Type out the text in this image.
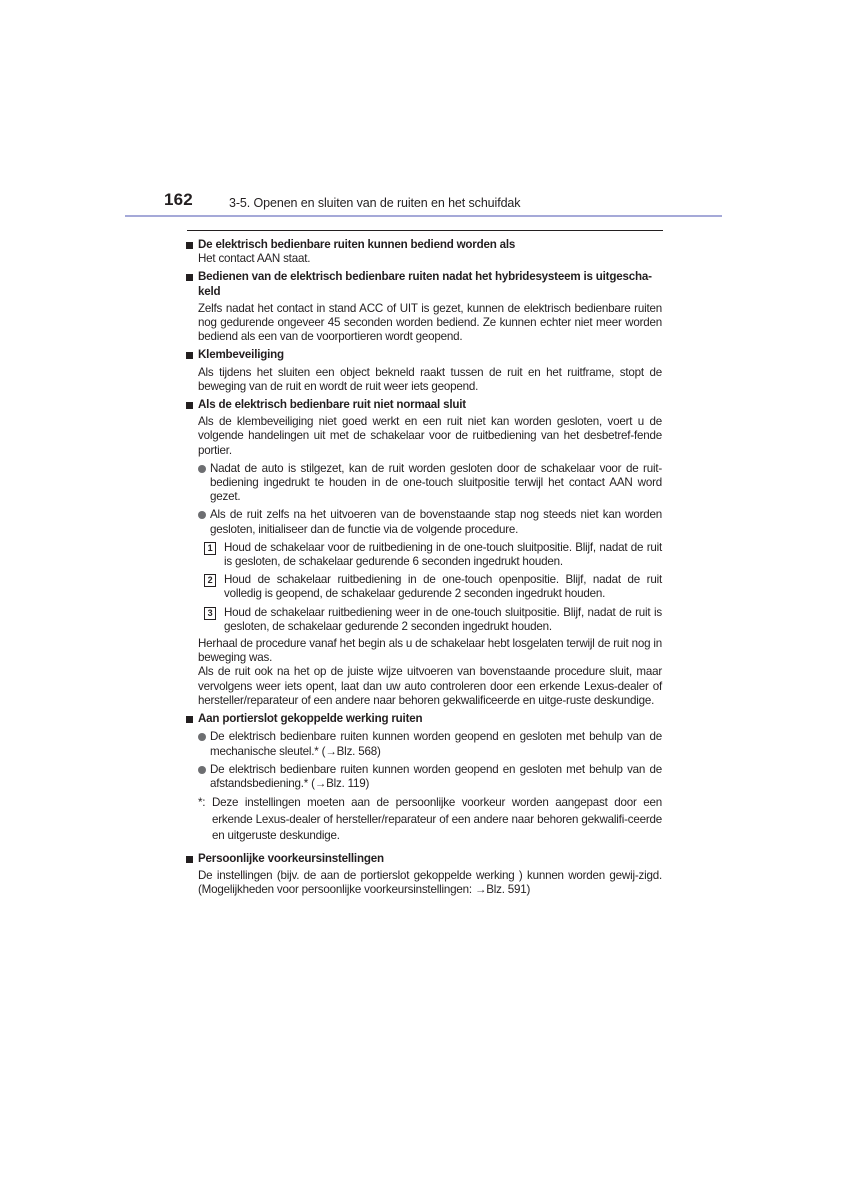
162	3-5. Openen en sluiten van de ruiten en het schuifdak
De elektrisch bedienbare ruiten kunnen bediend worden als
Het contact AAN staat.
Bedienen van de elektrisch bedienbare ruiten nadat het hybridesysteem is uitgescha-keld
Zelfs nadat het contact in stand ACC of UIT is gezet, kunnen de elektrisch bedienbare ruiten nog gedurende ongeveer 45 seconden worden bediend. Ze kunnen echter niet meer worden bediend als een van de voorportieren wordt geopend.
Klembeveiliging
Als tijdens het sluiten een object bekneld raakt tussen de ruit en het ruitframe, stopt de beweging van de ruit en wordt de ruit weer iets geopend.
Als de elektrisch bedienbare ruit niet normaal sluit
Als de klembeveiliging niet goed werkt en een ruit niet kan worden gesloten, voert u de volgende handelingen uit met de schakelaar voor de ruitbediening van het desbetref-fende portier.
Nadat de auto is stilgezet, kan de ruit worden gesloten door de schakelaar voor de ruit-bediening ingedrukt te houden in de one-touch sluitpositie terwijl het contact AAN word gezet.
Als de ruit zelfs na het uitvoeren van de bovenstaande stap nog steeds niet kan worden gesloten, initialiseer dan de functie via de volgende procedure.
1 Houd de schakelaar voor de ruitbediening in de one-touch sluitpositie. Blijf, nadat de ruit is gesloten, de schakelaar gedurende 6 seconden ingedrukt houden.
2 Houd de schakelaar ruitbediening in de one-touch openpositie. Blijf, nadat de ruit volledig is geopend, de schakelaar gedurende 2 seconden ingedrukt houden.
3 Houd de schakelaar ruitbediening weer in de one-touch sluitpositie. Blijf, nadat de ruit is gesloten, de schakelaar gedurende 2 seconden ingedrukt houden.
Herhaal de procedure vanaf het begin als u de schakelaar hebt losgelaten terwijl de ruit nog in beweging was.
Als de ruit ook na het op de juiste wijze uitvoeren van bovenstaande procedure sluit, maar vervolgens weer iets opent, laat dan uw auto controleren door een erkende Lexus-dealer of hersteller/reparateur of een andere naar behoren gekwalificeerde en uitge-ruste deskundige.
Aan portierslot gekoppelde werking ruiten
De elektrisch bedienbare ruiten kunnen worden geopend en gesloten met behulp van de mechanische sleutel.* (→Blz. 568)
De elektrisch bedienbare ruiten kunnen worden geopend en gesloten met behulp van de afstandsbediening.* (→Blz. 119)
*: Deze instellingen moeten aan de persoonlijke voorkeur worden aangepast door een erkende Lexus-dealer of hersteller/reparateur of een andere naar behoren gekwalifi-ceerde en uitgeruste deskundige.
Persoonlijke voorkeursinstellingen
De instellingen (bijv. de aan de portierslot gekoppelde werking ) kunnen worden gewij-zigd. (Mogelijkheden voor persoonlijke voorkeursinstellingen: →Blz. 591)
